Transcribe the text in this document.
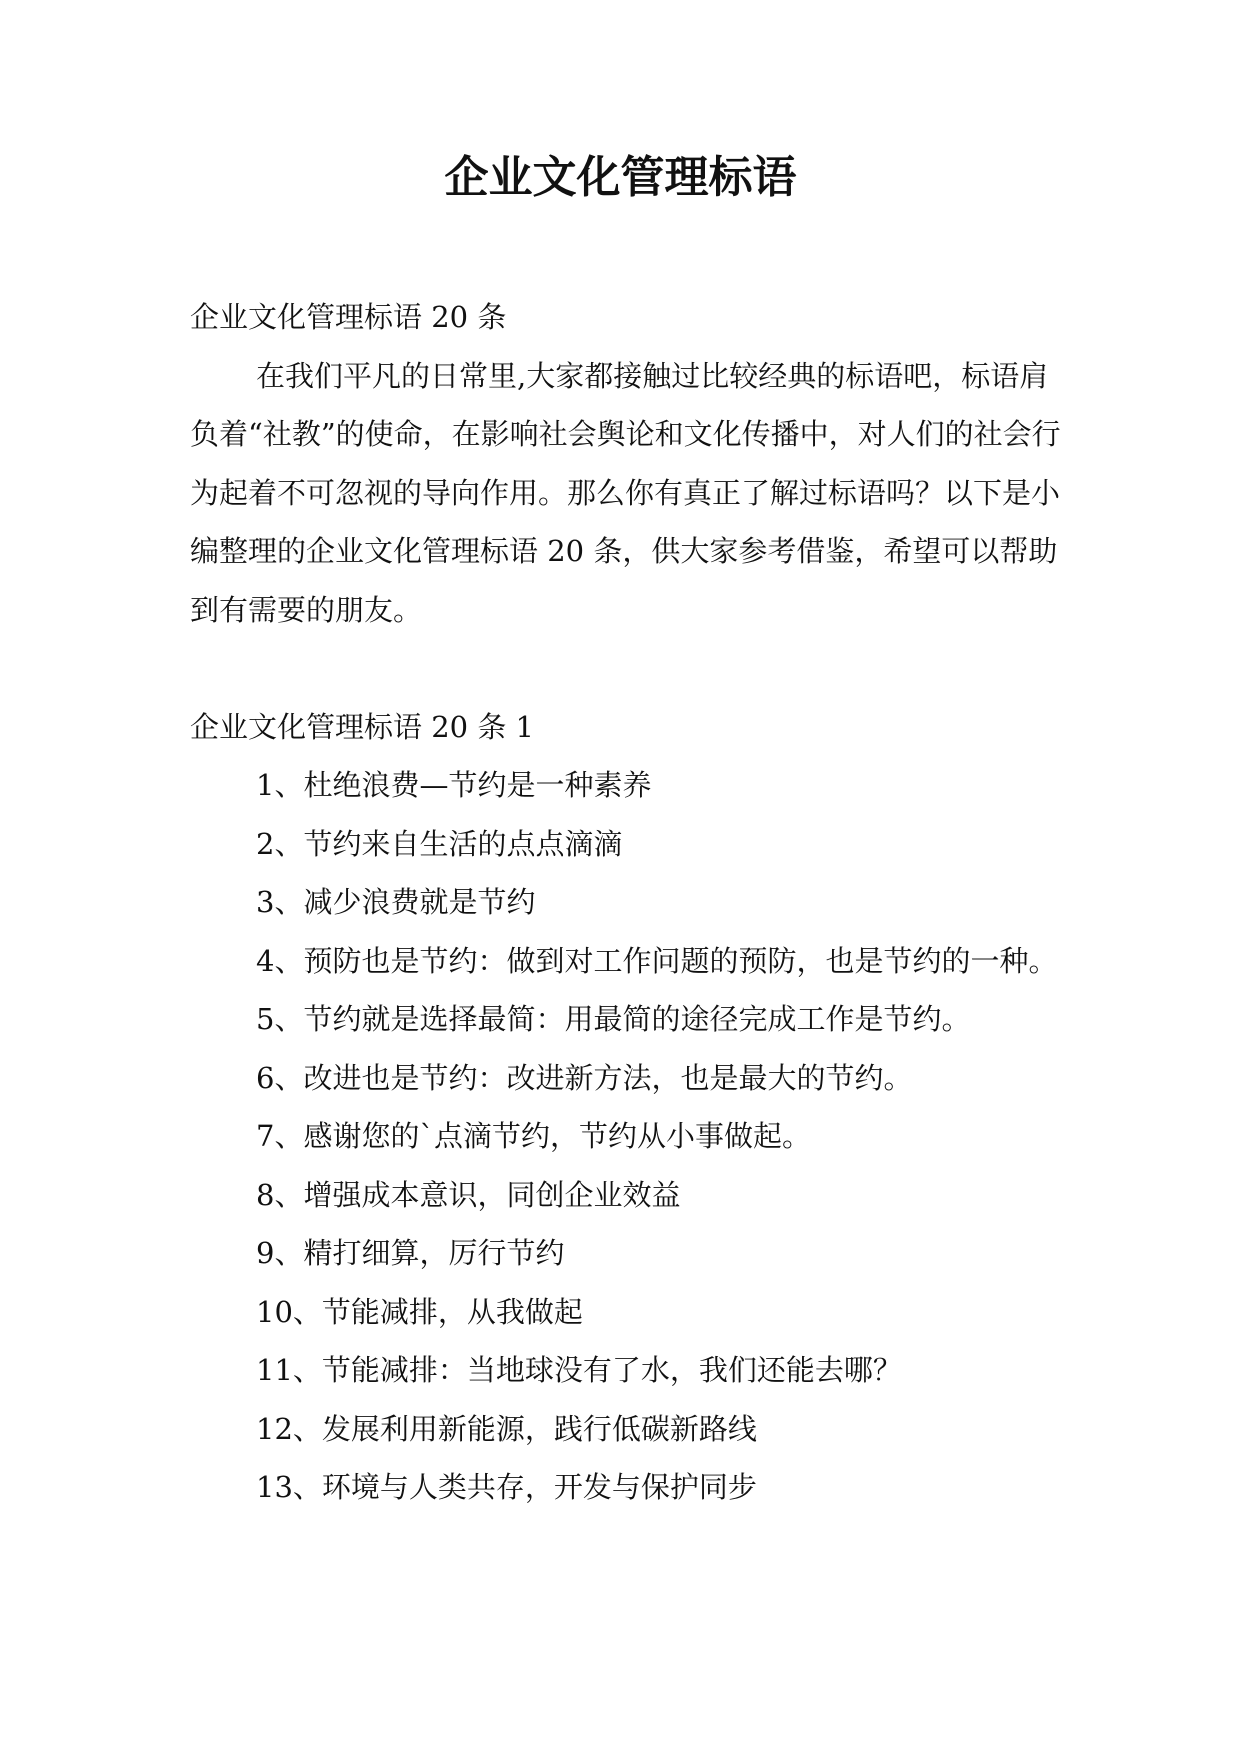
企业文化管理标语

企业文化管理标语 20 条

在我们平凡的日常里,大家都接触过比较经典的标语吧，标语肩负着“社教”的使命，在影响社会舆论和文化传播中，对人们的社会行为起着不可忽视的导向作用。那么你有真正了解过标语吗？以下是小编整理的企业文化管理标语 20 条，供大家参考借鉴，希望可以帮助到有需要的朋友。

企业文化管理标语 20 条 1

1、杜绝浪费—节约是一种素养

2、节约来自生活的点点滴滴

3、减少浪费就是节约

4、预防也是节约：做到对工作问题的预防，也是节约的一种。

5、节约就是选择最简：用最简的途径完成工作是节约。

6、改进也是节约：改进新方法，也是最大的节约。

7、感谢您的`点滴节约，节约从小事做起。

8、增强成本意识，同创企业效益

9、精打细算，厉行节约

10、节能减排，从我做起

11、节能减排：当地球没有了水，我们还能去哪？

12、发展利用新能源，践行低碳新路线

13、环境与人类共存，开发与保护同步
